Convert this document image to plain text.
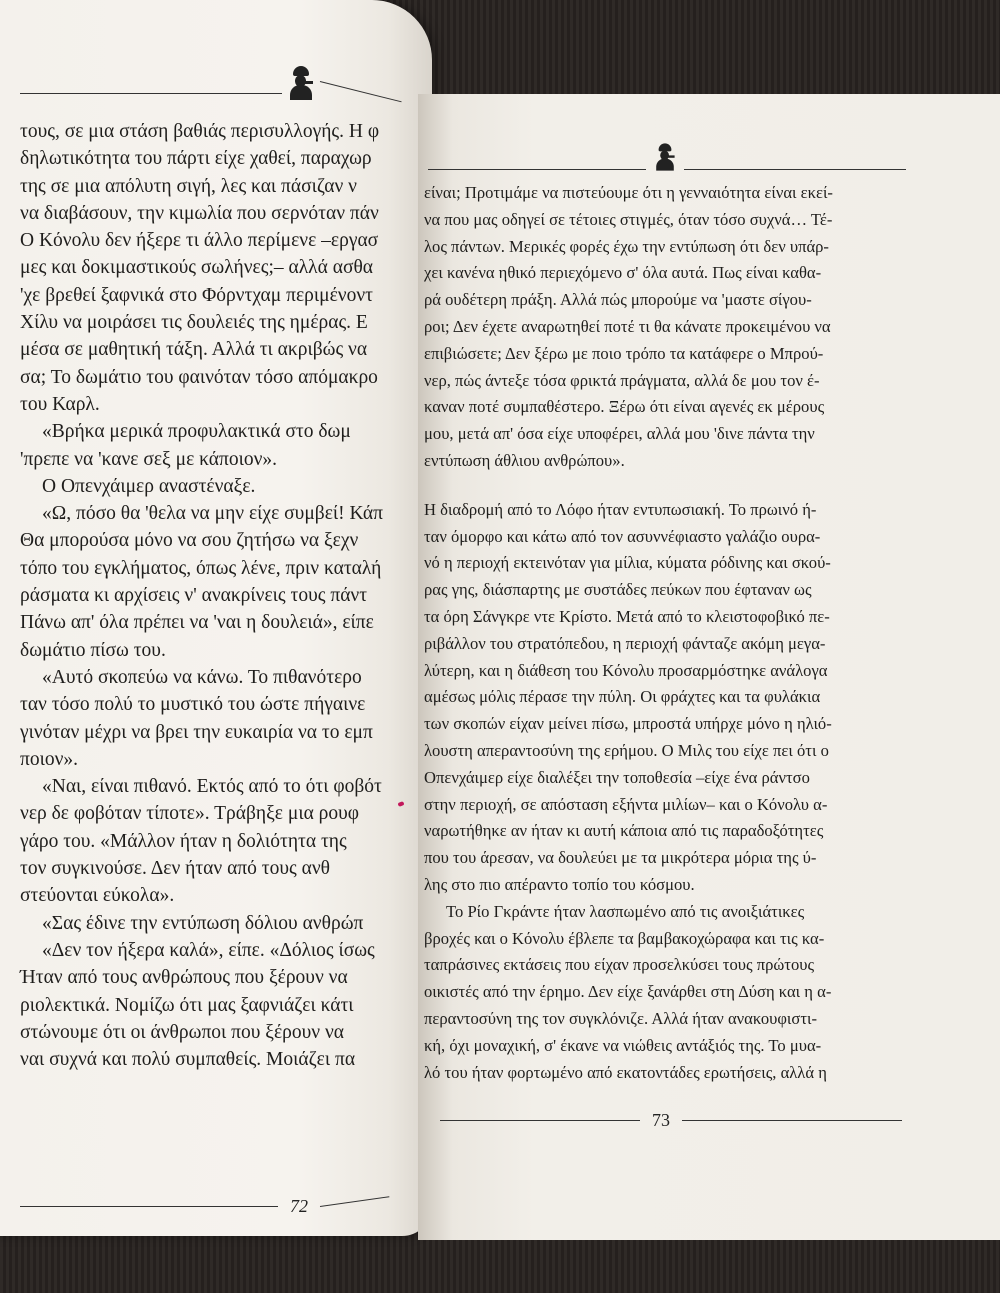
72
73

τους, σε μια στάση βαθιάς περισυλλογής. Η φ

δηλωτικότητα του πάρτι είχε χαθεί, παραχωρ

της σε μια απόλυτη σιγή, λες και πάσιζαν ν

να διαβάσουν, την κιμωλία που σερνόταν πάν

Ο Κόνολυ δεν ήξερε τι άλλο περίμενε –εργασ

μες και δοκιμαστικούς σωλήνες;– αλλά ασθα

'χε βρεθεί ξαφνικά στο Φόρντχαμ περιμένοντ

Χίλυ να μοιράσει τις δουλειές της ημέρας. Ε

μέσα σε μαθητική τάξη. Αλλά τι ακριβώς να

σα; Το δωμάτιο του φαινόταν τόσο απόμακρο

του Καρλ.

«Βρήκα μερικά προφυλακτικά στο δωμ

'πρεπε να 'κανε σεξ με κάποιον».

Ο Οπενχάιμερ αναστέναξε.

«Ω, πόσο θα 'θελα να μην είχε συμβεί! Κάπ

Θα μπορούσα μόνο να σου ζητήσω να ξεχν

τόπο του εγκλήματος, όπως λένε, πριν καταλή

ράσματα κι αρχίσεις ν' ανακρίνεις τους πάντ

Πάνω απ' όλα πρέπει να 'ναι η δουλειά», είπε

δωμάτιο πίσω του.

«Αυτό σκοπεύω να κάνω. Το πιθανότερο

ταν τόσο πολύ το μυστικό του ώστε πήγαινε

γινόταν μέχρι να βρει την ευκαιρία να το εμπ

ποιον».

«Ναι, είναι πιθανό. Εκτός από το ότι φοβότ

νερ δε φοβόταν τίποτε». Τράβηξε μια ρουφ

γάρο του. «Μάλλον ήταν η δολιότητα της

τον συγκινούσε. Δεν ήταν από τους ανθ

στεύονται εύκολα».

«Σας έδινε την εντύπωση δόλιου ανθρώπ

«Δεν τον ήξερα καλά», είπε. «Δόλιος ίσως

Ήταν από τους ανθρώπους που ξέρουν να

ριολεκτικά. Νομίζω ότι μας ξαφνιάζει κάτι

στώνουμε ότι οι άνθρωποι που ξέρουν να

ναι συχνά και πολύ συμπαθείς. Μοιάζει πα

είναι; Προτιμάμε να πιστεύουμε ότι η γενναιότητα είναι εκεί-

να που μας οδηγεί σε τέτοιες στιγμές, όταν τόσο συχνά… Τέ-

λος πάντων. Μερικές φορές έχω την εντύπωση ότι δεν υπάρ-

χει κανένα ηθικό περιεχόμενο σ' όλα αυτά. Πως είναι καθα-

ρά ουδέτερη πράξη. Αλλά πώς μπορούμε να 'μαστε σίγου-

ροι; Δεν έχετε αναρωτηθεί ποτέ τι θα κάνατε προκειμένου να

επιβιώσετε; Δεν ξέρω με ποιο τρόπο τα κατάφερε ο Μπρού-

νερ, πώς άντεξε τόσα φρικτά πράγματα, αλλά δε μου τον έ-

καναν ποτέ συμπαθέστερο. Ξέρω ότι είναι αγενές εκ μέρους

μου, μετά απ' όσα είχε υποφέρει, αλλά μου 'δινε πάντα την

εντύπωση άθλιου ανθρώπου».

Η διαδρομή από το Λόφο ήταν εντυπωσιακή. Το πρωινό ή-

ταν όμορφο και κάτω από τον ασυννέφιαστο γαλάζιο ουρα-

νό η περιοχή εκτεινόταν για μίλια, κύματα ρόδινης και σκού-

ρας γης, διάσπαρτης με συστάδες πεύκων που έφταναν ως

τα όρη Σάνγκρε ντε Κρίστο. Μετά από το κλειστοφοβικό πε-

ριβάλλον του στρατόπεδου, η περιοχή φάνταζε ακόμη μεγα-

λύτερη, και η διάθεση του Κόνολυ προσαρμόστηκε ανάλογα

αμέσως μόλις πέρασε την πύλη. Οι φράχτες και τα φυλάκια

των σκοπών είχαν μείνει πίσω, μπροστά υπήρχε μόνο η ηλιό-

λουστη απεραντοσύνη της ερήμου. Ο Μιλς του είχε πει ότι ο

Οπενχάιμερ είχε διαλέξει την τοποθεσία –είχε ένα ράντσο

στην περιοχή, σε απόσταση εξήντα μιλίων– και ο Κόνολυ α-

ναρωτήθηκε αν ήταν κι αυτή κάποια από τις παραδοξότητες

που του άρεσαν, να δουλεύει με τα μικρότερα μόρια της ύ-

λης στο πιο απέραντο τοπίο του κόσμου.

Το Ρίο Γκράντε ήταν λασπωμένο από τις ανοιξιάτικες

βροχές και ο Κόνολυ έβλεπε τα βαμβακοχώραφα και τις κα-

ταπράσινες εκτάσεις που είχαν προσελκύσει τους πρώτους

οικιστές από την έρημο. Δεν είχε ξανάρθει στη Δύση και η α-

περαντοσύνη της τον συγκλόνιζε. Αλλά ήταν ανακουφιστι-

κή, όχι μοναχική, σ' έκανε να νιώθεις αντάξιός της. Το μυα-

λό του ήταν φορτωμένο από εκατοντάδες ερωτήσεις, αλλά η
